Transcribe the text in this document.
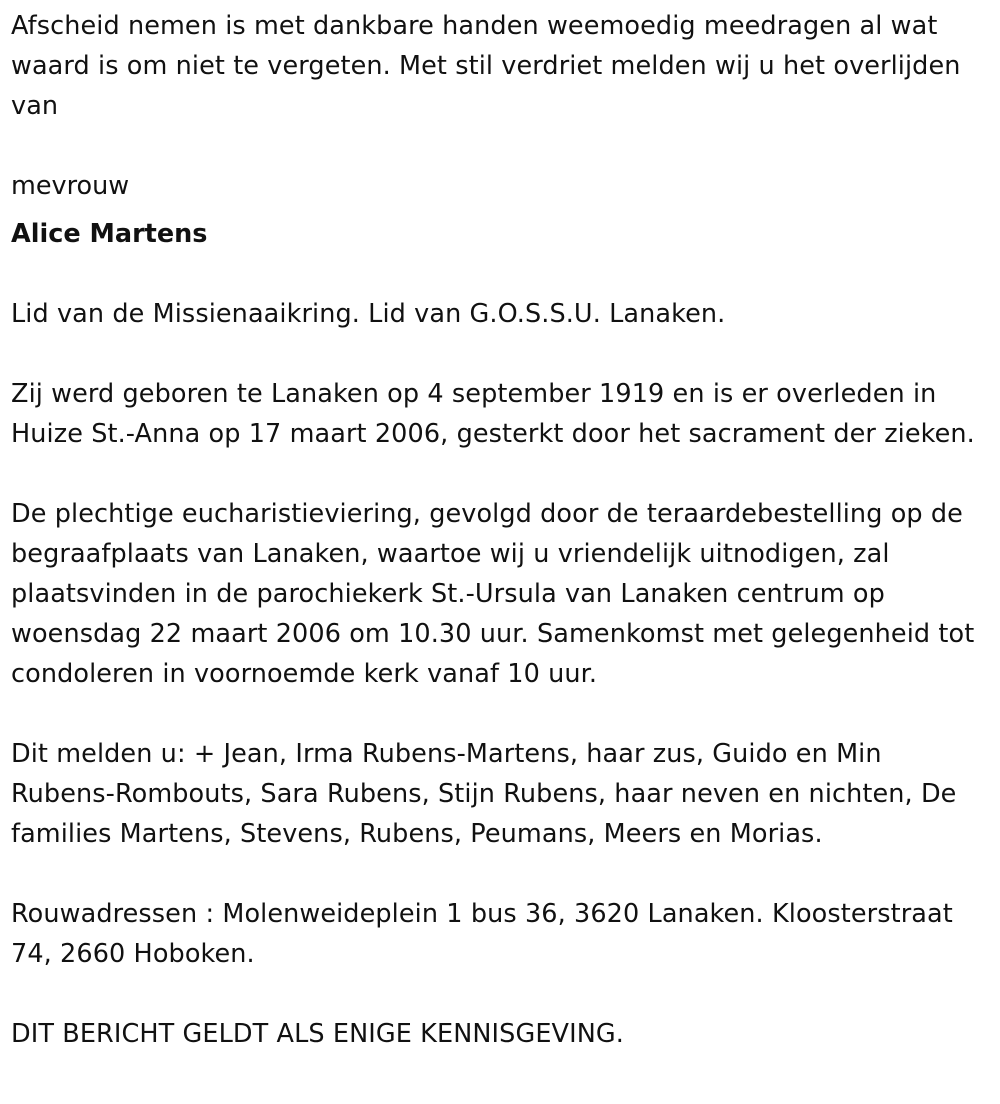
Afscheid nemen is met dankbare handen weemoedig meedragen al wat waard is om niet te vergeten. Met stil verdriet melden wij u het overlijden van

mevrouw

Alice Martens

Lid van de Missienaaikring. Lid van G.O.S.S.U. Lanaken.

Zij werd geboren te Lanaken op 4 september 1919 en is er overleden in Huize St.-Anna op 17 maart 2006, gesterkt door het sacrament der zieken.

De plechtige eucharistieviering, gevolgd door de teraardebestelling op de begraafplaats van Lanaken, waartoe wij u vriendelijk uitnodigen, zal plaatsvinden in de parochiekerk St.-Ursula van Lanaken centrum op woensdag 22 maart 2006 om 10.30 uur. Samenkomst met gelegenheid tot condoleren in voornoemde kerk vanaf 10 uur.

Dit melden u: + Jean, Irma Rubens-Martens, haar zus, Guido en Min Rubens-Rombouts, Sara Rubens, Stijn Rubens, haar neven en nichten, De families Martens, Stevens, Rubens, Peumans, Meers en Morias.

Rouwadressen : Molenweideplein 1 bus 36, 3620 Lanaken. Kloosterstraat 74, 2660 Hoboken.

DIT BERICHT GELDT ALS ENIGE KENNISGEVING.
